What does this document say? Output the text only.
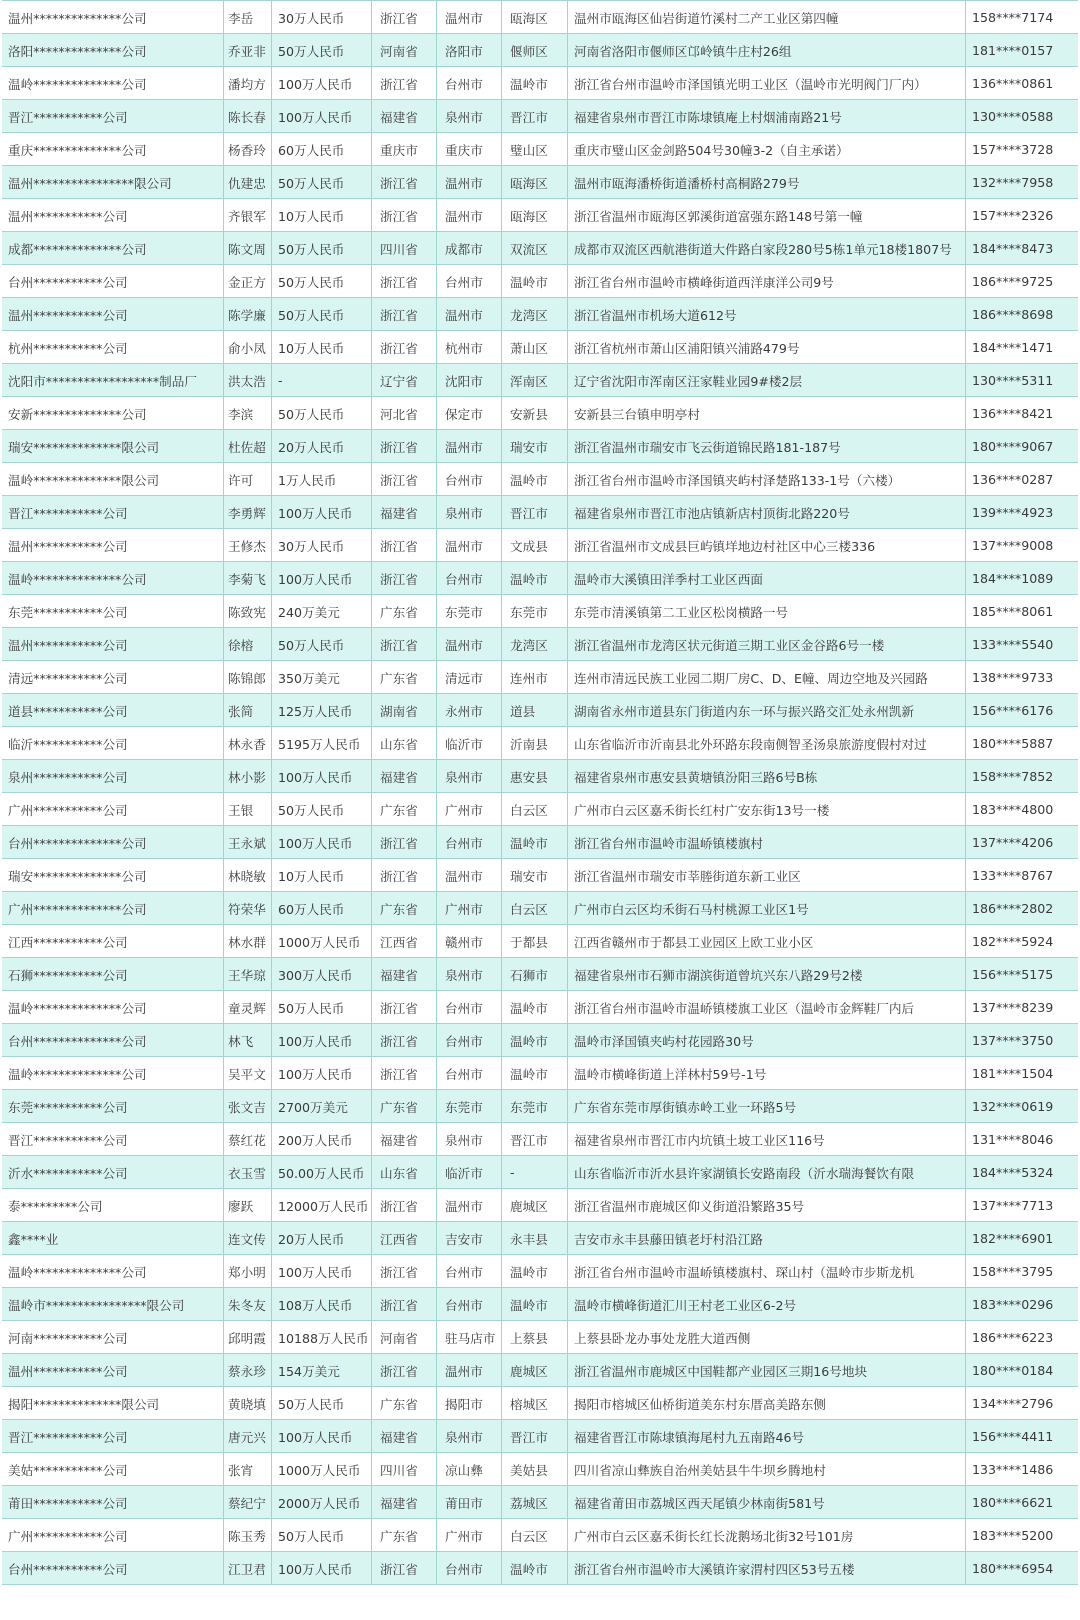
温州**************公司	李岳	30万人民币	浙江省	温州市	瓯海区	温州市瓯海区仙岩街道竹溪村二产工业区第四幢	158****7174
洛阳**************公司	乔亚非 50万人民币	河南省	洛阳市	偃师区	河南省洛阳市偃师区邙岭镇牛庄村26组	181****0157
温岭**************公司	潘均方 100万人民币	浙江省	台州市	温岭市	浙江省台州市温岭市泽国镇光明工业区（温岭市光明阀门厂内）	136****0861
晋江***********公司	陈长春 100万人民币	福建省	泉州市	晋江市	福建省泉州市晋江市陈埭镇庵上村烟浦南路21号	130****0588
重庆**************公司	杨香玲 60万人民币	重庆市	重庆市	璧山区	重庆市璧山区金剑路504号30幢3-2（自主承诺）	157****3728
温州****************限公司	仇建忠 50万人民币	浙江省	温州市	瓯海区	温州市瓯海潘桥街道潘桥村高桐路279号	132****7958
温州***********公司	齐银军 10万人民币	浙江省	温州市	瓯海区	浙江省温州市瓯海区郭溪街道富强东路148号第一幢	157****2326
成都**************公司	陈文周 50万人民币	四川省	成都市	双流区	成都市双流区西航港街道大件路白家段280号5栋1单元18楼1807号	184****8473
台州***********公司	金正方 50万人民币	浙江省	台州市	温岭市	浙江省台州市温岭市横峰街道西洋康洋公司9号	186****9725
温州***********公司	陈学廉 50万人民币	浙江省	温州市	龙湾区	浙江省温州市机场大道612号	186****8698
杭州***********公司	俞小凤 10万人民币	浙江省	杭州市	萧山区	浙江省杭州市萧山区浦阳镇兴浦路479号	184****1471
沈阳市******************制品厂	洪太浩 -	辽宁省	沈阳市	浑南区	辽宁省沈阳市浑南区汪家鞋业园9#楼2层	130****5311
安新**************公司	李滨	50万人民币	河北省	保定市	安新县	安新县三台镇申明亭村	136****8421
瑞安**************限公司	杜佐超 20万人民币	浙江省	温州市	瑞安市	浙江省温州市瑞安市飞云街道锦民路181-187号	180****9067
温岭**************限公司	许可	1万人民币	浙江省	台州市	温岭市	浙江省台州市温岭市泽国镇夹屿村泽楚路133-1号（六楼）	136****0287
晋江***********公司	李勇辉 100万人民币	福建省	泉州市	晋江市	福建省泉州市晋江市池店镇新店村顶街北路220号	139****4923
温州***********公司	王修杰 30万人民币	浙江省	温州市	文成县	浙江省温州市文成县巨屿镇垟地边村社区中心三楼336	137****9008
温岭**************公司	李菊飞 100万人民币	浙江省	台州市	温岭市	温岭市大溪镇田洋季村工业区西面	184****1089
东莞***********公司	陈致宪 240万美元	广东省	东莞市	东莞市	东莞市清溪镇第二工业区松岗横路一号	185****8061
温州***********公司	徐榕	50万人民币	浙江省	温州市	龙湾区	浙江省温州市龙湾区状元街道三期工业区金谷路6号一楼	133****5540
清远***********公司	陈锦郎 350万美元	广东省	清远市	连州市	连州市清远民族工业园二期厂房C、D、E幢、周边空地及兴园路	138****9733
道县***********公司	张简	125万人民币	湖南省	永州市	道县	湖南省永州市道县东门街道内东一环与振兴路交汇处永州凯新	156****6176
临沂***********公司	林永香 5195万人民币	山东省	临沂市	沂南县	山东省临沂市沂南县北外环路东段南侧智圣汤泉旅游度假村对过	180****5887
泉州***********公司	林小影 100万人民币	福建省	泉州市	惠安县	福建省泉州市惠安县黄塘镇汾阳三路6号B栋	158****7852
广州***********公司	王银	50万人民币	广东省	广州市	白云区	广州市白云区嘉禾街长红村广安东街13号一楼	183****4800
台州**************公司	王永斌 100万人民币	浙江省	台州市	温岭市	浙江省台州市温岭市温峤镇楼旗村	137****4206
瑞安**************公司	林晓敏 10万人民币	浙江省	温州市	瑞安市	浙江省温州市瑞安市莘塍街道东新工业区	133****8767
广州**************公司	符荣华 60万人民币	广东省	广州市	白云区	广州市白云区均禾街石马村桃源工业区1号	186****2802
江西***********公司	林水群 1000万人民币	江西省	赣州市	于都县	江西省赣州市于都县工业园区上欧工业小区	182****5924
石狮***********公司	王华琼 300万人民币	福建省	泉州市	石狮市	福建省泉州市石狮市湖滨街道曾坑兴东八路29号2楼	156****5175
温岭**************公司	童灵辉 50万人民币	浙江省	台州市	温岭市	浙江省台州市温岭市温峤镇楼旗工业区（温岭市金辉鞋厂内后	137****8239
台州**************公司	林飞	100万人民币	浙江省	台州市	温岭市	温岭市泽国镇夹屿村花园路30号	137****3750
温岭**************公司	吴平文 100万人民币	浙江省	台州市	温岭市	温岭市横峰街道上洋林村59号-1号	181****1504
东莞***********公司	张文吉 2700万美元	广东省	东莞市	东莞市	广东省东莞市厚街镇赤岭工业一环路5号	132****0619
晋江***********公司	蔡红花 200万人民币	福建省	泉州市	晋江市	福建省泉州市晋江市内坑镇土坡工业区116号	131****8046
沂水***********公司	衣玉雪 50.00万人民币	山东省	临沂市	-	山东省临沂市沂水县许家湖镇长安路南段（沂水瑞海餐饮有限	184****5324
泰*********公司	廖跃	12000万人民币 浙江省	温州市	鹿城区	浙江省温州市鹿城区仰义街道沿繁路35号	137****7713
鑫****业	连文传 20万人民币	江西省	吉安市	永丰县	吉安市永丰县藤田镇老圩村沿江路	182****6901
温岭**************公司	郑小明 100万人民币	浙江省	台州市	温岭市	浙江省台州市温岭市温峤镇楼旗村、琛山村（温岭市步斯龙机	158****3795
温岭市****************限公司	朱冬友 108万人民币	浙江省	台州市	温岭市	温岭市横峰街道汇川王村老工业区6-2号	183****0296
河南***********公司	邱明霞 10188万人民币 河南省	驻马店市	上蔡县	上蔡县卧龙办事处龙胜大道西侧	186****6223
温州***********公司	蔡永珍 154万美元	浙江省	温州市	鹿城区	浙江省温州市鹿城区中国鞋都产业园区三期16号地块	180****0184
揭阳**************限公司	黄晓填 50万人民币	广东省	揭阳市	榕城区	揭阳市榕城区仙桥街道美东村东厝高美路东侧	134****2796
晋江***********公司	唐元兴 100万人民币	福建省	泉州市	晋江市	福建省晋江市陈埭镇海尾村九五南路46号	156****4411
美姑***********公司	张宵	1000万人民币	四川省	凉山彝	美姑县	四川省凉山彝族自治州美姑县牛牛坝乡腾地村	133****1486
莆田***********公司	蔡纪宁 2000万人民币	福建省	莆田市	荔城区	福建省莆田市荔城区西天尾镇少林南街581号	180****6621
广州***********公司	陈玉秀 50万人民币	广东省	广州市	白云区	广州市白云区嘉禾街长红长泷鹅场北街32号101房	183****5200
台州***********公司	江卫君 100万人民币	浙江省	台州市	温岭市	浙江省台州市温岭市大溪镇许家渭村四区53号五楼	180****6954
